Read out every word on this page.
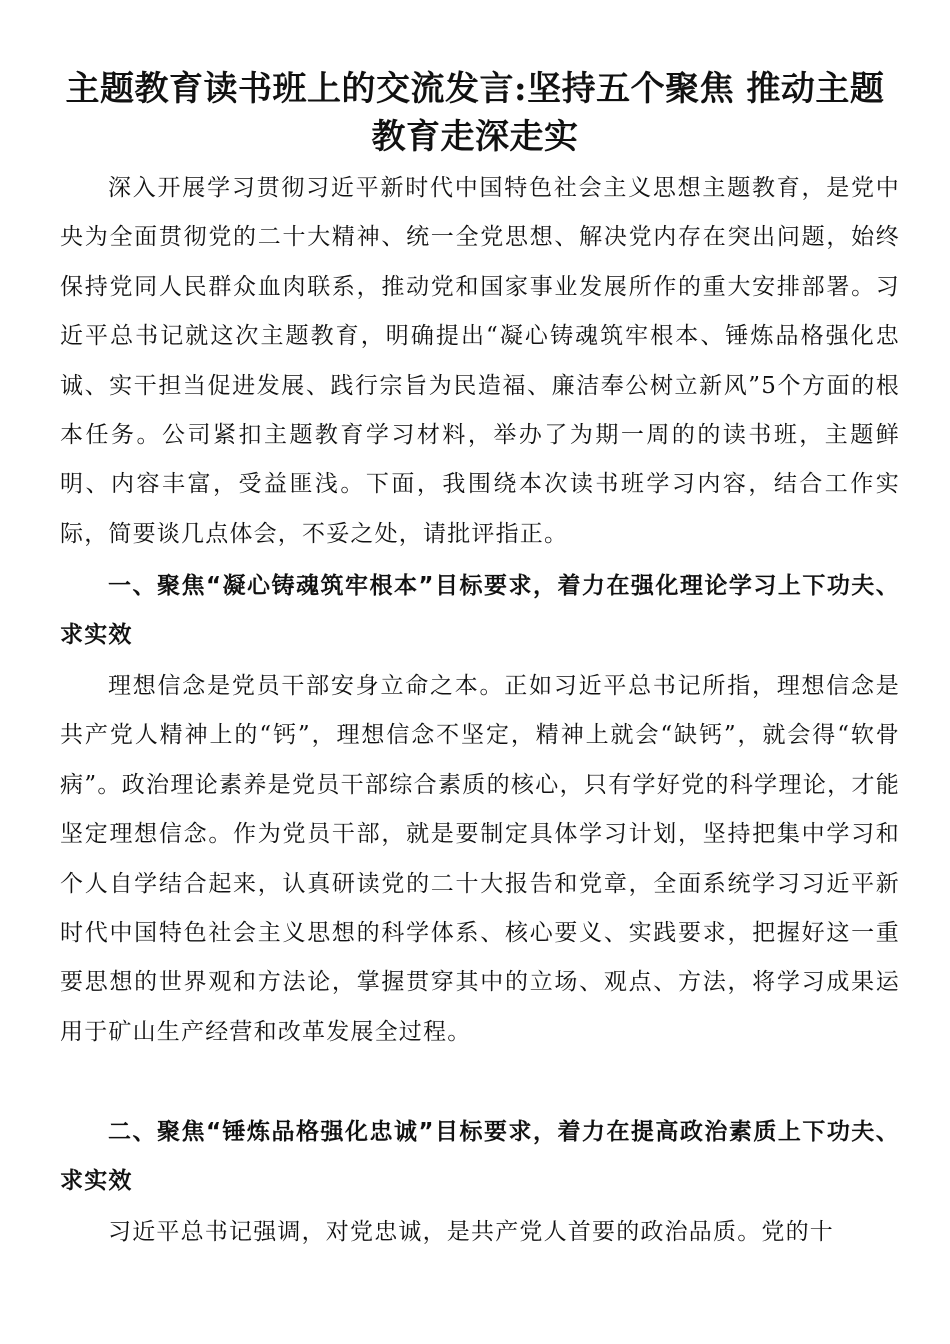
主题教育读书班上的交流发言:坚持五个聚焦 推动主题
教育走深走实

深入开展学习贯彻习近平新时代中国特色社会主义思想主题教育，是党中央为全面贯彻党的二十大精神、统一全党思想、解决党内存在突出问题，始终保持党同人民群众血肉联系，推动党和国家事业发展所作的重大安排部署。习近平总书记就这次主题教育，明确提出“凝心铸魂筑牢根本、锤炼品格强化忠诚、实干担当促进发展、践行宗旨为民造福、廉洁奉公树立新风”5个方面的根本任务。公司紧扣主题教育学习材料，举办了为期一周的的读书班，主题鲜明、内容丰富，受益匪浅。下面，我围绕本次读书班学习内容，结合工作实际，简要谈几点体会，不妥之处，请批评指正。

一、聚焦“凝心铸魂筑牢根本”目标要求，着力在强化理论学习上下功夫、求实效

理想信念是党员干部安身立命之本。正如习近平总书记所指，理想信念是共产党人精神上的“钙”，理想信念不坚定，精神上就会“缺钙”，就会得“软骨病”。政治理论素养是党员干部综合素质的核心，只有学好党的科学理论，才能坚定理想信念。作为党员干部，就是要制定具体学习计划，坚持把集中学习和个人自学结合起来，认真研读党的二十大报告和党章，全面系统学习习近平新时代中国特色社会主义思想的科学体系、核心要义、实践要求，把握好这一重要思想的世界观和方法论，掌握贯穿其中的立场、观点、方法，将学习成果运用于矿山生产经营和改革发展全过程。

二、聚焦“锤炼品格强化忠诚”目标要求，着力在提高政治素质上下功夫、求实效

习近平总书记强调，对党忠诚，是共产党人首要的政治品质。党的十
